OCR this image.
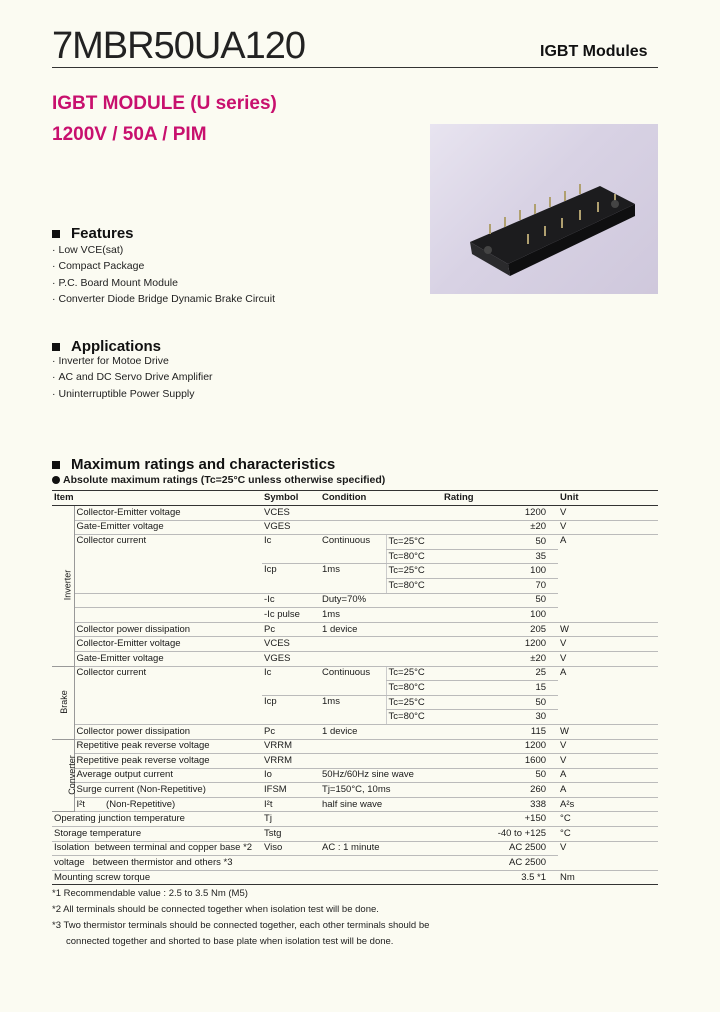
7MBR50UA120	IGBT Modules
IGBT MODULE (U series)
1200V / 50A / PIM
Features
· Low VCE(sat)
· Compact Package
· P.C. Board Mount Module
· Converter Diode Bridge Dynamic Brake Circuit
Applications
· Inverter for Motoe Drive
· AC and DC Servo Drive Amplifier
· Uninterruptible Power Supply
Maximum ratings and characteristics
Absolute maximum ratings (Tc=25°C unless otherwise specified)
Item		Symbol	Condition		Rating	Unit
Inverter	Collector-Emitter voltage	VCES			1200	V
	Gate-Emitter voltage	VGES			±20	V
	Collector current	Ic	Continuous	Tc=25°C	50	A
				Tc=80°C	35	
		Icp	1ms	Tc=25°C	100	
				Tc=80°C	70	
		-Ic	Duty=70%		50	
		-Ic pulse	1ms		100	
	Collector power dissipation	Pc	1 device		205	W
	Collector-Emitter voltage	VCES			1200	V
	Gate-Emitter voltage	VGES			±20	V
Brake	Collector current	Ic	Continuous	Tc=25°C	25	A
				Tc=80°C	15	
		Icp	1ms	Tc=25°C	50	
				Tc=80°C	30	
	Collector power dissipation	Pc	1 device		115	W
Converter	Repetitive peak reverse voltage	VRRM			1200	V
	Repetitive peak reverse voltage	VRRM			1600	V
	Average output current	Io	50Hz/60Hz sine wave		50	A
	Surge current (Non-Repetitive)	IFSM	Tj=150°C, 10ms		260	A
	I²t        (Non-Repetitive)	I²t	half sine wave		338	A²s
Operating junction temperature		Tj			+150	°C
Storage temperature		Tstg			-40 to +125	°C
Isolation between terminal and copper base *2		Viso	AC : 1 minute		AC 2500	V
voltage between thermistor and others *3					AC 2500	
Mounting screw torque					3.5 *1	Nm
*1 Recommendable value : 2.5 to 3.5 Nm (M5)
*2 All terminals should be connected together when isolation test will be done.
*3 Two thermistor terminals should be connected together, each other terminals should be
connected together and shorted to base plate when isolation test will be done.
